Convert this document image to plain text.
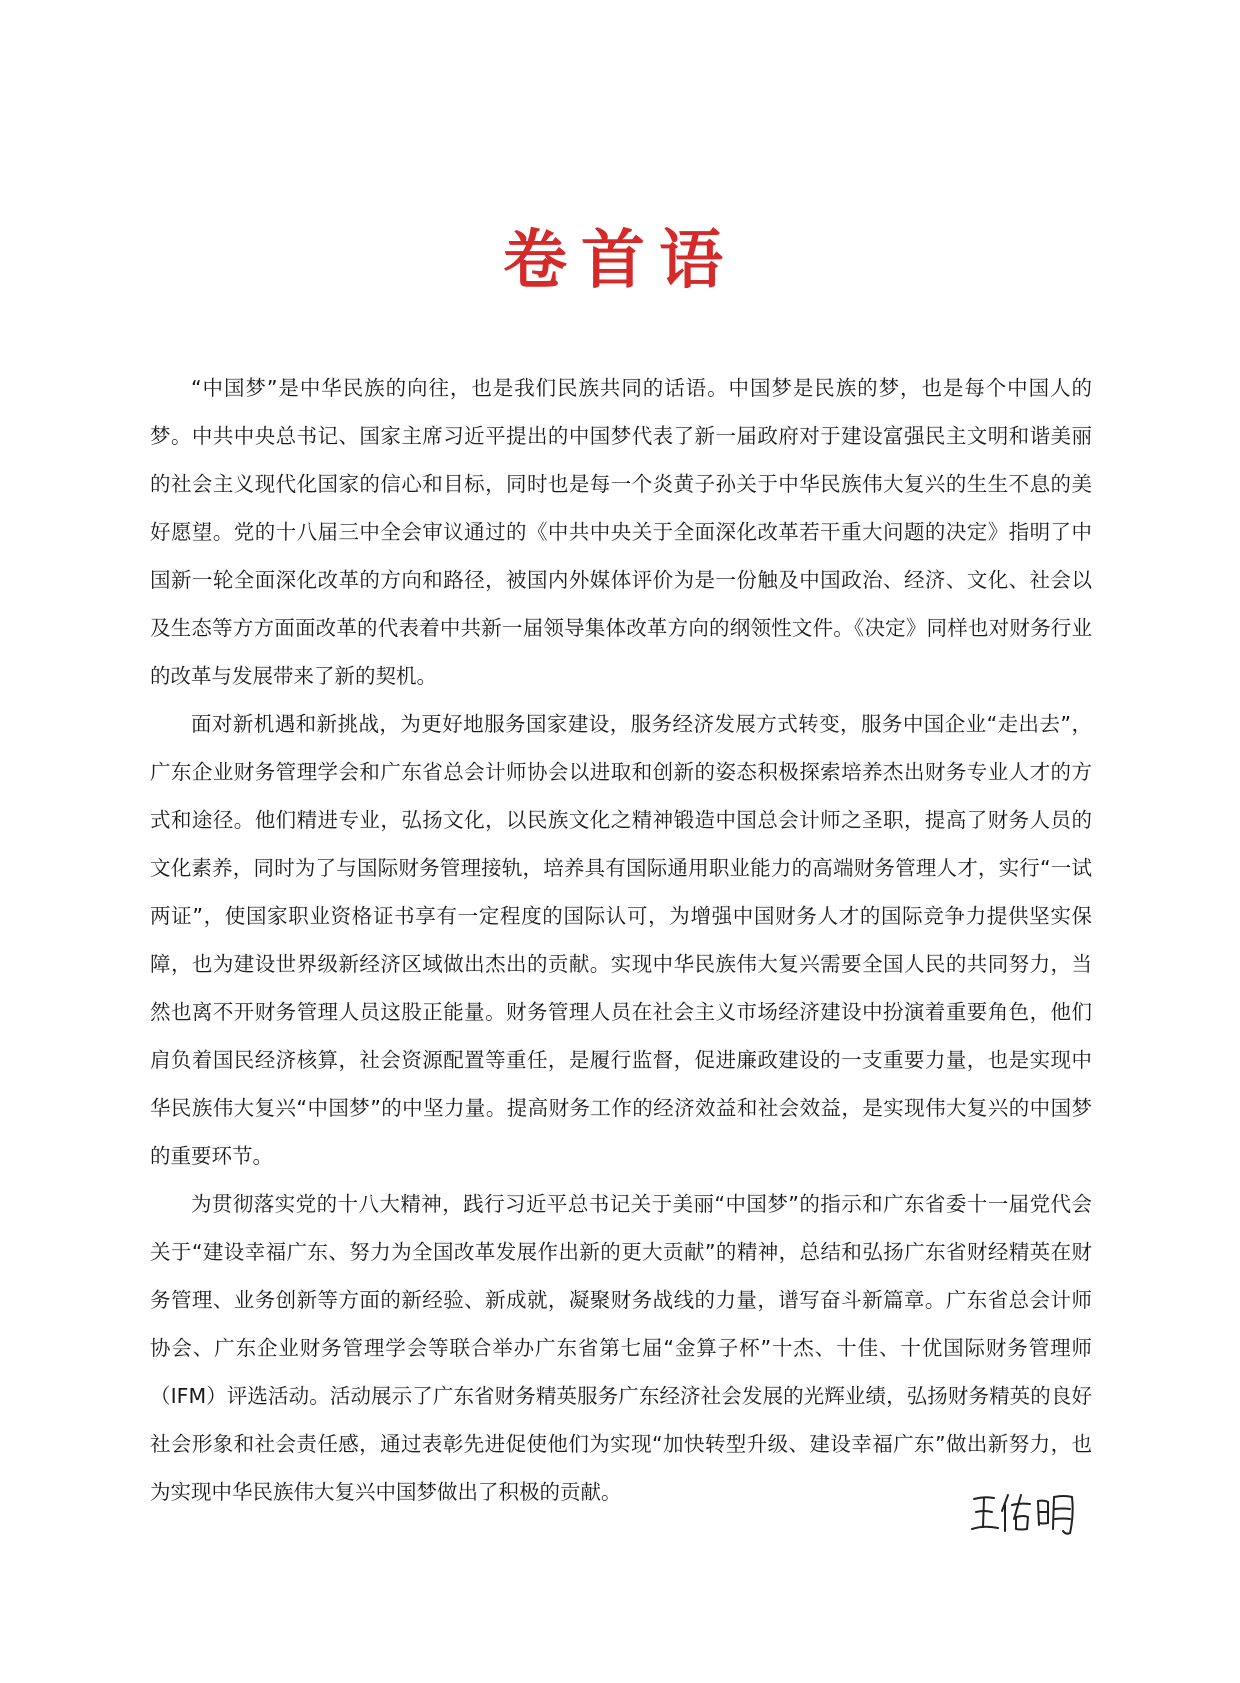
卷首语

“中国梦”是中华民族的向往，也是我们民族共同的话语。中国梦是民族的梦，也是每个中国人的梦。中共中央总书记、国家主席习近平提出的中国梦代表了新一届政府对于建设富强民主文明和谐美丽的社会主义现代化国家的信心和目标，同时也是每一个炎黄子孙关于中华民族伟大复兴的生生不息的美好愿望。党的十八届三中全会审议通过的《中共中央关于全面深化改革若干重大问题的决定》指明了中国新一轮全面深化改革的方向和路径，被国内外媒体评价为是一份触及中国政治、经济、文化、社会以及生态等方方面面改革的代表着中共新一届领导集体改革方向的纲领性文件。《决定》同样也对财务行业的改革与发展带来了新的契机。

面对新机遇和新挑战，为更好地服务国家建设，服务经济发展方式转变，服务中国企业“走出去”，广东企业财务管理学会和广东省总会计师协会以进取和创新的姿态积极探索培养杰出财务专业人才的方式和途径。他们精进专业，弘扬文化，以民族文化之精神锻造中国总会计师之圣职，提高了财务人员的文化素养，同时为了与国际财务管理接轨，培养具有国际通用职业能力的高端财务管理人才，实行“一试两证”，使国家职业资格证书享有一定程度的国际认可，为增强中国财务人才的国际竞争力提供坚实保障，也为建设世界级新经济区域做出杰出的贡献。实现中华民族伟大复兴需要全国人民的共同努力，当然也离不开财务管理人员这股正能量。财务管理人员在社会主义市场经济建设中扮演着重要角色，他们肩负着国民经济核算，社会资源配置等重任，是履行监督，促进廉政建设的一支重要力量，也是实现中华民族伟大复兴“中国梦”的中坚力量。提高财务工作的经济效益和社会效益，是实现伟大复兴的中国梦的重要环节。

为贯彻落实党的十八大精神，践行习近平总书记关于美丽“中国梦”的指示和广东省委十一届党代会关于“建设幸福广东、努力为全国改革发展作出新的更大贡献”的精神，总结和弘扬广东省财经精英在财务管理、业务创新等方面的新经验、新成就，凝聚财务战线的力量，谱写奋斗新篇章。广东省总会计师协会、广东企业财务管理学会等联合举办广东省第七届“金算子杯”十杰、十佳、十优国际财务管理师（IFM）评选活动。活动展示了广东省财务精英服务广东经济社会发展的光辉业绩，弘扬财务精英的良好社会形象和社会责任感，通过表彰先进促使他们为实现“加快转型升级、建设幸福广东”做出新努力，也为实现中华民族伟大复兴中国梦做出了积极的贡献。
